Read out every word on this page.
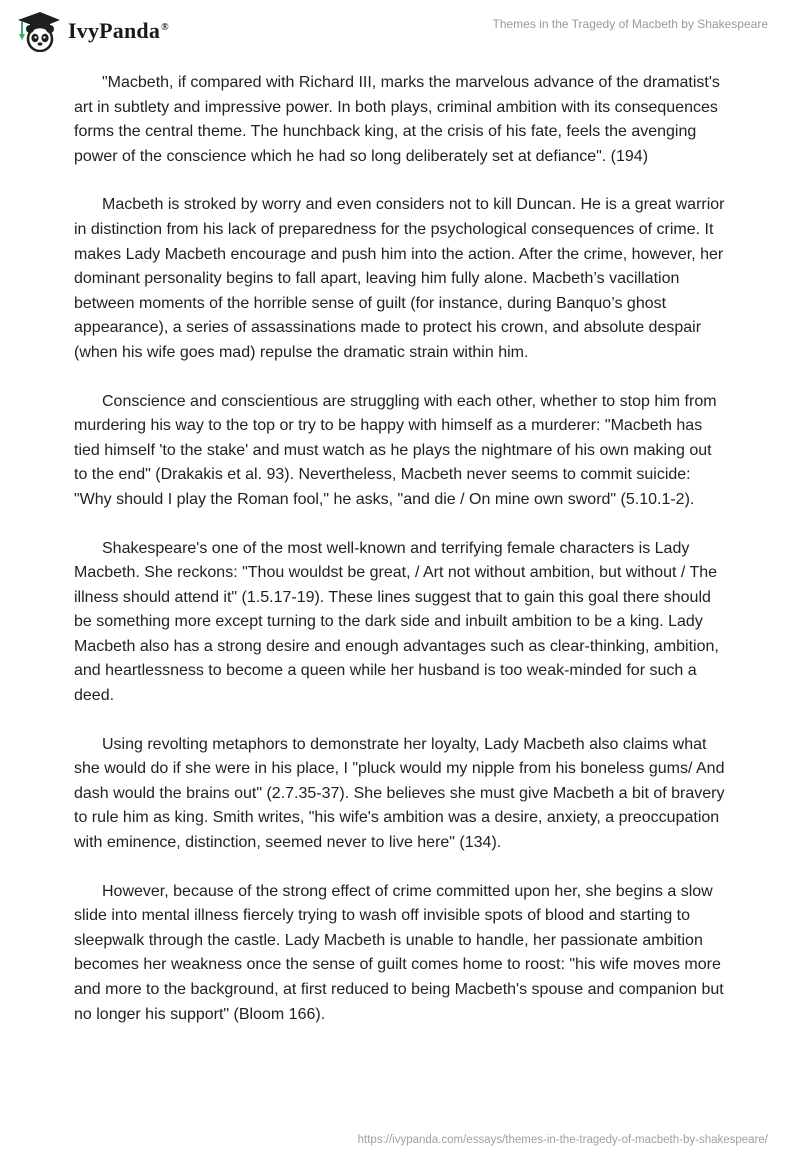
IvyPanda®	Themes in the Tragedy of Macbeth by Shakespeare

"Macbeth, if compared with Richard III, marks the marvelous advance of the dramatist's art in subtlety and impressive power. In both plays, criminal ambition with its consequences forms the central theme. The hunchback king, at the crisis of his fate, feels the avenging power of the conscience which he had so long deliberately set at defiance". (194)

Macbeth is stroked by worry and even considers not to kill Duncan. He is a great warrior in distinction from his lack of preparedness for the psychological consequences of crime. It makes Lady Macbeth encourage and push him into the action. After the crime, however, her dominant personality begins to fall apart, leaving him fully alone. Macbeth’s vacillation between moments of the horrible sense of guilt (for instance, during Banquo’s ghost appearance), a series of assassinations made to protect his crown, and absolute despair (when his wife goes mad) repulse the dramatic strain within him.

Conscience and conscientious are struggling with each other, whether to stop him from murdering his way to the top or try to be happy with himself as a murderer: "Macbeth has tied himself 'to the stake' and must watch as he plays the nightmare of his own making out to the end" (Drakakis et al. 93). Nevertheless, Macbeth never seems to commit suicide: "Why should I play the Roman fool," he asks, "and die / On mine own sword" (5.10.1-2).

Shakespeare's one of the most well-known and terrifying female characters is Lady Macbeth. She reckons: "Thou wouldst be great, / Art not without ambition, but without / The illness should attend it" (1.5.17-19). These lines suggest that to gain this goal there should be something more except turning to the dark side and inbuilt ambition to be a king. Lady Macbeth also has a strong desire and enough advantages such as clear-thinking, ambition, and heartlessness to become a queen while her husband is too weak-minded for such a deed.

Using revolting metaphors to demonstrate her loyalty, Lady Macbeth also claims what she would do if she were in his place, I "pluck would my nipple from his boneless gums/ And dash would the brains out" (2.7.35-37). She believes she must give Macbeth a bit of bravery to rule him as king. Smith writes, "his wife's ambition was a desire, anxiety, a preoccupation with eminence, distinction, seemed never to live here" (134).

However, because of the strong effect of crime committed upon her, she begins a slow slide into mental illness fiercely trying to wash off invisible spots of blood and starting to sleepwalk through the castle. Lady Macbeth is unable to handle, her passionate ambition becomes her weakness once the sense of guilt comes home to roost: "his wife moves more and more to the background, at first reduced to being Macbeth's spouse and companion but no longer his support" (Bloom 166).

https://ivypanda.com/essays/themes-in-the-tragedy-of-macbeth-by-shakespeare/
